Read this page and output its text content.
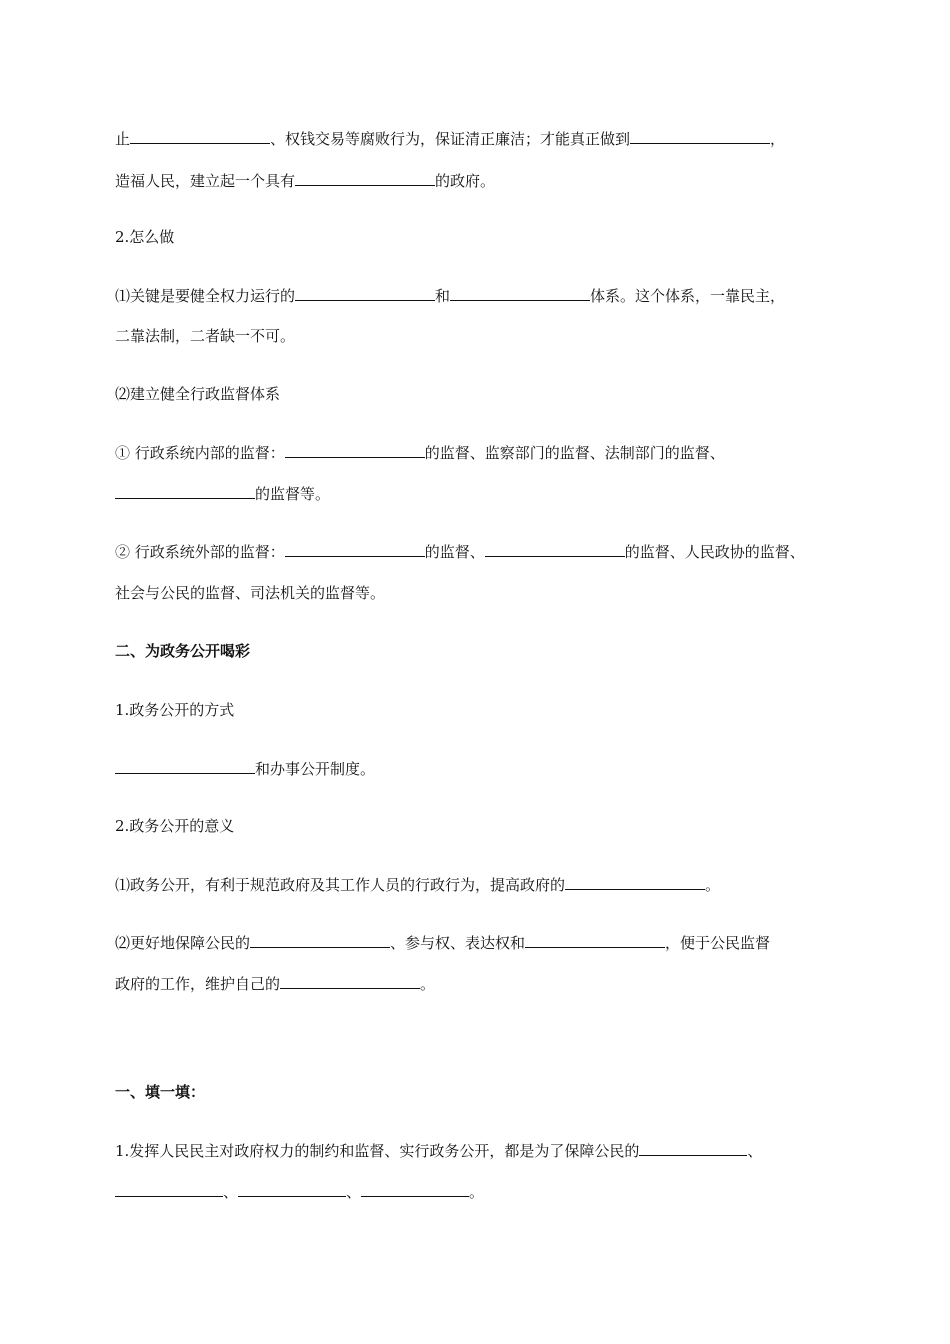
止	、权钱交易等腐败行为，保证清正廉洁；才能真正做到	，
造福人民，建立起一个具有	的政府。
2.怎么做
⑴关键是要健全权力运行的	和	体系。这个体系，一靠民主，
二靠法制，二者缺一不可。
⑵建立健全行政监督体系
① 行政系统内部的监督：	的监督、监察部门的监督、法制部门的监督、
的监督等。
② 行政系统外部的监督：	的监督、	的监督、人民政协的监督、
社会与公民的监督、司法机关的监督等。
二、为政务公开喝彩
1.政务公开的方式
和办事公开制度。
2.政务公开的意义
⑴政务公开，有利于规范政府及其工作人员的行政行为，提高政府的	。
⑵更好地保障公民的	、参与权、表达权和	，便于公民监督
政府的工作，维护自己的	。
一、填一填：
1.发挥人民民主对政府权力的制约和监督、实行政务公开，都是为了保障公民的	、
、	、	。
